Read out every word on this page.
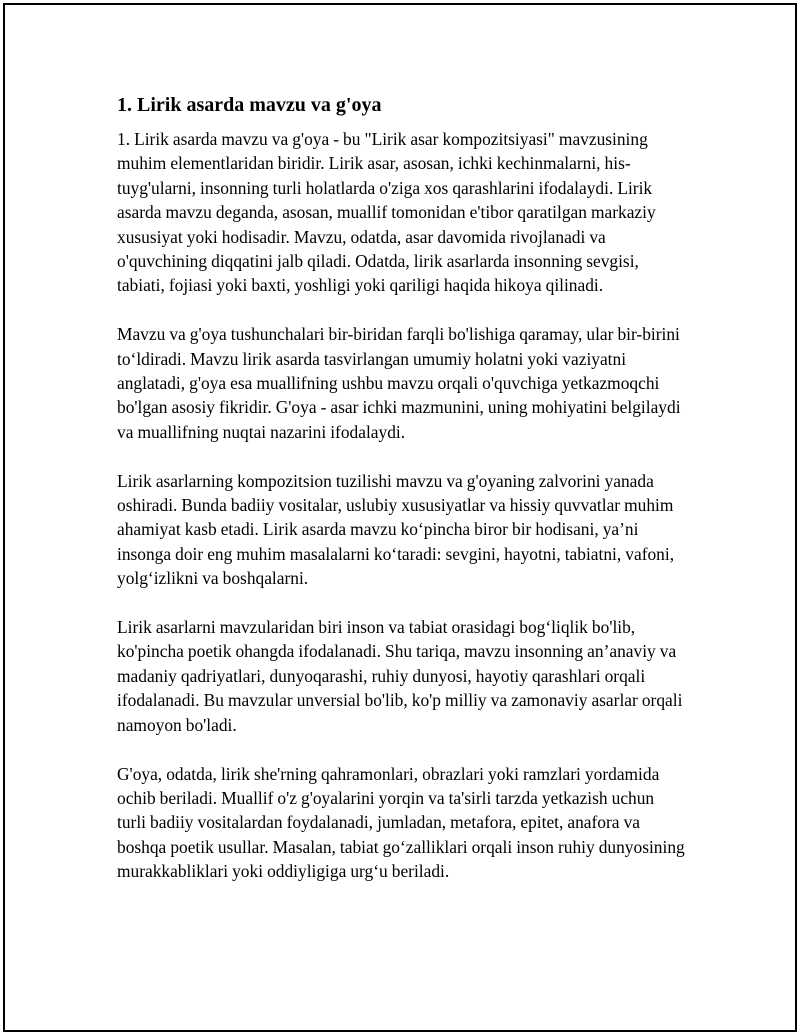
1. Lirik asarda mavzu va g'oya

1. Lirik asarda mavzu va g'oya - bu "Lirik asar kompozitsiyasi" mavzusining muhim elementlaridan biridir. Lirik asar, asosan, ichki kechinmalarni, his-tuyg'ularni, insonning turli holatlarda o'ziga xos qarashlarini ifodalaydi. Lirik asarda mavzu deganda, asosan, muallif tomonidan e'tibor qaratilgan markaziy xususiyat yoki hodisadir. Mavzu, odatda, asar davomida rivojlanadi va o'quvchining diqqatini jalb qiladi. Odatda, lirik asarlarda insonning sevgisi, tabiati, fojiasi yoki baxti, yoshligi yoki qariligi haqida hikoya qilinadi.

Mavzu va g'oya tushunchalari bir-biridan farqli bo'lishiga qaramay, ular bir-birini to‘ldiradi. Mavzu lirik asarda tasvirlangan umumiy holatni yoki vaziyatni anglatadi, g'oya esa muallifning ushbu mavzu orqali o'quvchiga yetkazmoqchi bo'lgan asosiy fikridir. G'oya - asar ichki mazmunini, uning mohiyatini belgilaydi va muallifning nuqtai nazarini ifodalaydi.

Lirik asarlarning kompozitsion tuzilishi mavzu va g'oyaning zalvorini yanada oshiradi. Bunda badiiy vositalar, uslubiy xususiyatlar va hissiy quvvatlar muhim ahamiyat kasb etadi. Lirik asarda mavzu ko‘pincha biror bir hodisani, ya’ni insonga doir eng muhim masalalarni ko‘taradi: sevgini, hayotni, tabiatni, vafoni, yolg‘izlikni va boshqalarni.

Lirik asarlarni mavzularidan biri inson va tabiat orasidagi bog‘liqlik bo'lib, ko'pincha poetik ohangda ifodalanadi. Shu tariqa, mavzu insonning an’anaviy va madaniy qadriyatlari, dunyoqarashi, ruhiy dunyosi, hayotiy qarashlari orqali ifodalanadi. Bu mavzular unversial bo'lib, ko'p milliy va zamonaviy asarlar orqali namoyon bo'ladi.

G'oya, odatda, lirik she'rning qahramonlari, obrazlari yoki ramzlari yordamida ochib beriladi. Muallif o'z g'oyalarini yorqin va ta'sirli tarzda yetkazish uchun turli badiiy vositalardan foydalanadi, jumladan, metafora, epitet, anafora va boshqa poetik usullar. Masalan, tabiat go‘zalliklari orqali inson ruhiy dunyosining murakkabliklari yoki oddiyligiga urg‘u beriladi.
